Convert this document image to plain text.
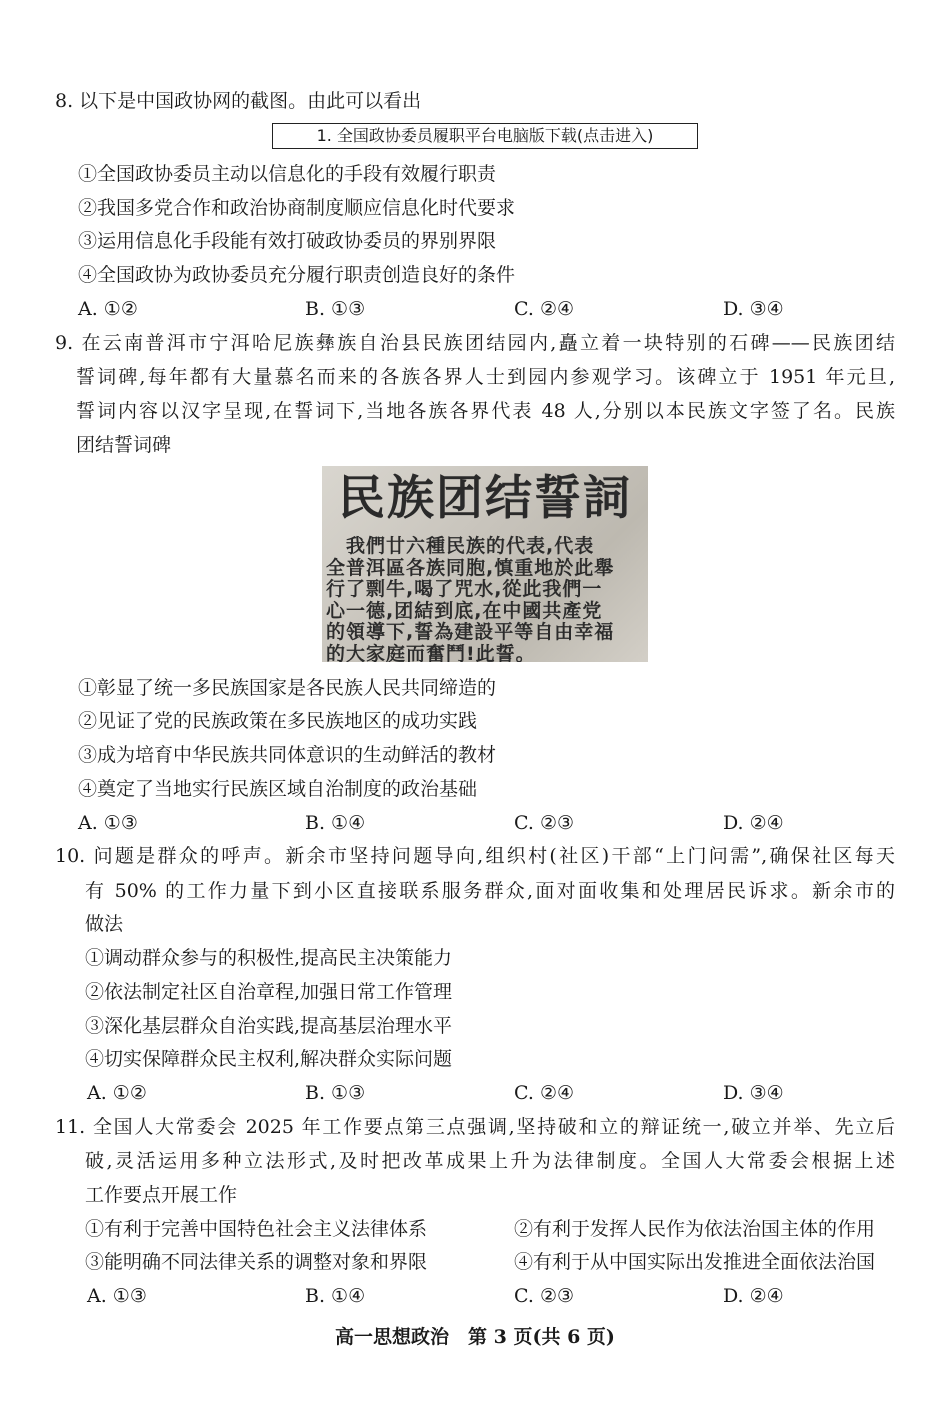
8. 以下是中国政协网的截图。由此可以看出
1. 全国政协委员履职平台电脑版下载(点击进入)
①全国政协委员主动以信息化的手段有效履行职责
②我国多党合作和政治协商制度顺应信息化时代要求
③运用信息化手段能有效打破政协委员的界别界限
④全国政协为政协委员充分履行职责创造良好的条件
A. ①②	B. ①③	C. ②④	D. ③④
9. 在云南普洱市宁洱哈尼族彝族自治县民族团结园内,矗立着一块特别的石碑——民族团结
誓词碑,每年都有大量慕名而来的各族各界人士到园内参观学习。该碑立于 1951 年元旦,
誓词内容以汉字呈现,在誓词下,当地各族各界代表 48 人,分别以本民族文字签了名。民族
团结誓词碑
民族团结誓詞
　我們廿六種民族的代表,代表
全普洱區各族同胞,慎重地於此舉
行了剽牛,喝了咒水,從此我們一
心一德,团結到底,在中國共產党
的領導下,誓為建設平等自由幸福
的大家庭而奮鬥!此誓。
①彰显了统一多民族国家是各民族人民共同缔造的
②见证了党的民族政策在多民族地区的成功实践
③成为培育中华民族共同体意识的生动鲜活的教材
④奠定了当地实行民族区域自治制度的政治基础
A. ①③	B. ①④	C. ②③	D. ②④
10. 问题是群众的呼声。新余市坚持问题导向,组织村(社区)干部“上门问需”,确保社区每天
有 50% 的工作力量下到小区直接联系服务群众,面对面收集和处理居民诉求。新余市的
做法
①调动群众参与的积极性,提高民主决策能力
②依法制定社区自治章程,加强日常工作管理
③深化基层群众自治实践,提高基层治理水平
④切实保障群众民主权利,解决群众实际问题
A. ①②	B. ①③	C. ②④	D. ③④
11. 全国人大常委会 2025 年工作要点第三点强调,坚持破和立的辩证统一,破立并举、先立后
破,灵活运用多种立法形式,及时把改革成果上升为法律制度。全国人大常委会根据上述
工作要点开展工作
①有利于完善中国特色社会主义法律体系	②有利于发挥人民作为依法治国主体的作用
③能明确不同法律关系的调整对象和界限	④有利于从中国实际出发推进全面依法治国
A. ①③	B. ①④	C. ②③	D. ②④
高一思想政治　第 3 页(共 6 页)
